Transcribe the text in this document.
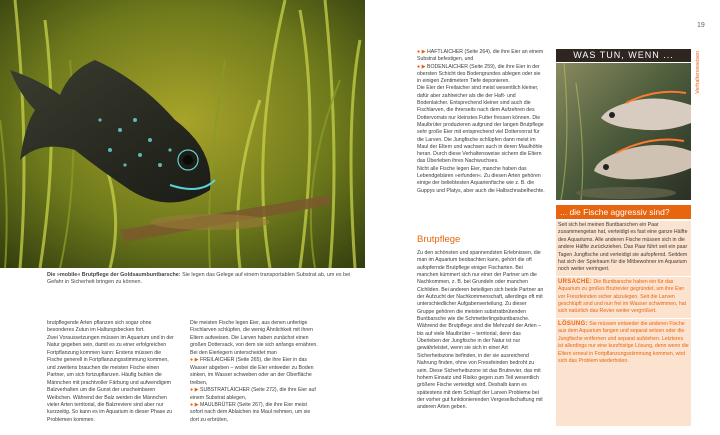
Die »mobile« Brutpflege der Goldsaumbuntbarsche: Sie legen das Gelege auf einem transportablen Substrat ab, um es bei Gefahr in Sicherheit bringen zu können.
brutpflegende Arten pflanzen sich sogar ohne besonderes Zutun im Haltungsbecken fort.
Zwei Voraussetzungen müssen im Aquarium und in der Natur gegeben sein, damit es zu einer erfolgreichen Fortpflanzung kommen kann: Erstens müssen die Fische generell in Fortpflanzungsstimmung kommen, und zweitens brauchen die meisten Fische einen Partner, um sich fortzupflanzen. Häufig buhlen die Männchen mit prachtvoller Färbung und aufwendigem Balzverhalten um die Gunst der unscheinbaren Weibchen. Während der Balz werden die Männchen vieler Arten territorial, die Balzreviere sind aber nur kurzzeitig. So kann es im Aquarium in dieser Phase zu Problemen kommen.
Die meisten Fische legen Eier, aus denen unfertige Fischlarven schlüpfen, die wenig Ähnlichkeit mit ihren Eltern aufweisen. Die Larven haben zunächst einen großen Dottersack, von dem sie sich anfangs ernähren. Bei den Eierlegern unterscheidet man
● ▶ FREILAICHER (Seite 265), die ihre Eier in das Wasser abgeben – wobei die Eier entweder zu Boden sinken, im Wasser schweben oder an der Oberfläche treiben,
● ▶ SUBSTRATLAICHER (Seite 272), die ihre Eier auf einem Substrat ablegen,
● ▶ MAULBRÜTER (Seite 267), die ihre Eier meist sofort nach dem Ablaichen ins Maul nehmen, um sie dort zu erbrüten,

● ▶ HAFTLAICHER (Seite 264), die ihre Eier an einem Substrat befestigen, und

● ▶ BODENLAICHER (Seite 259), die ihre Eier in der obersten Schicht des Bodengrundes ablegen oder sie in einigen Zentimetern Tiefe deponieren.

Die Eier der Freilaicher sind meist wesentlich kleiner, dafür aber zahlreicher als die der Haft- und Bodenlaicher. Entsprechend kleiner sind auch die Fischlarven, die ihrerseits nach dem Aufzehren des Dottervorrats nur kleinstes Futter fressen können. Die Maulbrüter produzieren aufgrund der langen Brutpflege sehr große Eier mit entsprechend viel Dottervorrat für die Larven. Die Jungfische schlüpfen dann meist im Maul der Eltern und wachsen auch in deren Maulhöhle heran. Durch diese Verhaltensweise sichern die Eltern das Überleben ihres Nachwuchses.

Nicht alle Fische legen Eier, manche haben das Lebendgebären »erfunden«. Zu diesen Arten gehören einige der beliebtesten Aquarienfische wie z. B. die Guppys und Platys, aber auch die Halbschnabelhechte.

Brutpflege

Zu den schönsten und spannendsten Erlebnissen, die man im Aquarium beobachten kann, gehört die oft aufopfernde Brutpflege einiger Fischarten. Bei manchen kümmert sich nur einer der Partner um die Nachkommen, z. B. bei Grundeln oder manchen Cichliden. Bei anderen beteiligen sich beide Partner an der Aufzucht der Nachkommenschaft, allerdings oft mit unterschiedlicher Aufgabenverteilung. Zu dieser Gruppe gehören die meisten substratbrütenden Buntbarsche wie die Schmetterlingsbuntbarsche. Während der Brutpflege sind die Mehrzahl der Arten – bis auf viele Maulbrüter – territorial, denn das Überleben der Jungfische in der Natur ist nur gewährleistet, wenn sie sich in einer Art Sicherheitszone befinden, in der sie ausreichend Nahrung finden, ohne von Fressfeinden bedroht zu sein. Diese Sicherheitszone ist das Brutrevier, das mit hohem Einsatz und Risiko gegen zum Teil wesentlich größere Fische verteidigt wird. Deshalb kann es spätestens mit dem Schlupf der Larven Probleme bei der vorher gut funktionierenden Vergesellschaftung mit anderen Arten geben.

19
Verhaltensweisen
WAS TUN, WENN ...
... die Fische aggressiv sind?

Seit sich bei meinen Buntbarschen ein Paar zusammengetan hat, verteidigt es fast eine ganze Hälfte des Aquariums. Alle anderen Fische müssen sich in die andere Hälfte zurückziehen. Das Paar führt seit ein paar Tagen Jungfische und verteidigt sie aufopfernd. Seitdem hat sich der Spielraum für die Mitbewohner im Aquarium noch weiter verringert.

URSACHE: Die Buntbarsche haben ein für das Aquarium zu großes Brutrevier gegründet, um ihre Eier vor Fressfeinden sicher abzulegen. Seit die Larven geschlüpft sind und nun frei im Wasser schwimmen, hat sich natürlich das Revier weiter vergrößert.

LÖSUNG: Sie müssen entweder die anderen Fische aus dem Aquarium fangen und separat setzen oder die Jungfische entfernen und separat aufziehen. Letzteres ist allerdings nur eine kurzfristige Lösung, denn wenn die Eltern erneut in Fortpflanzungsstimmung kommen, wird sich das Problem wiederholen.
